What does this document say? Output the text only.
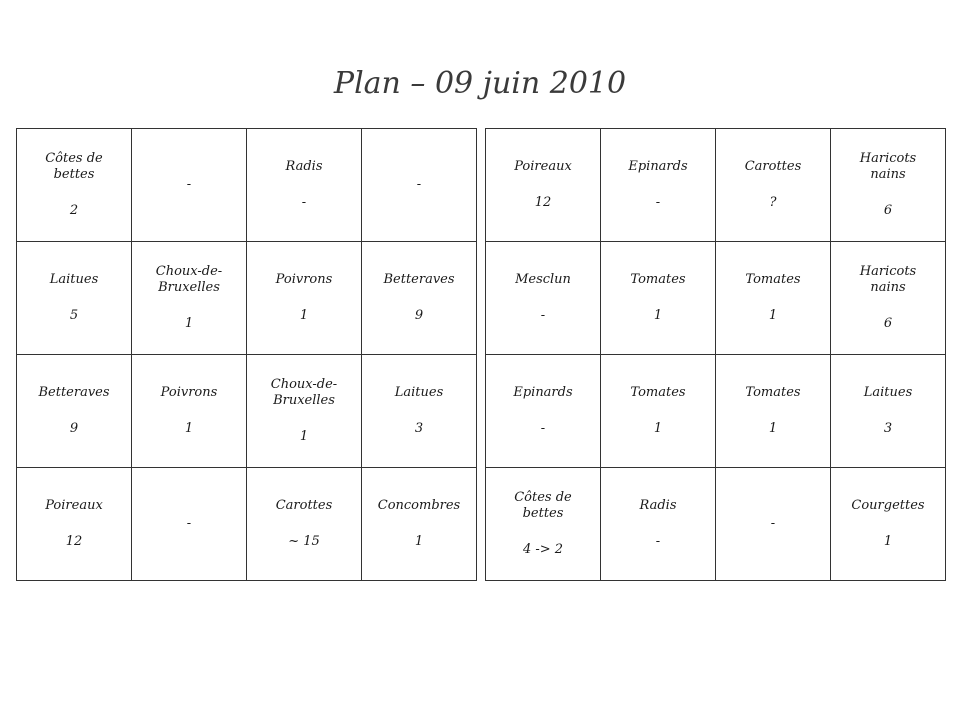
Plan – 09 juin 2010
Côtes de
bettes
2	-	Radis
-	-

Laitues
5	Choux-de-
Bruxelles
1	Poivrons
1	Betteraves
9

Betteraves
9	Poivrons
1	Choux-de-
Bruxelles
1	Laitues
3

Poireaux
12	-	Carottes
~ 15	Concombres
1
Poireaux
12	Epinards
-	Carottes
?	Haricots
nains
6

Mesclun
-	Tomates
1	Tomates
1	Haricots
nains
6

Epinards
-	Tomates
1	Tomates
1	Laitues
3

Côtes de
bettes
4 -> 2	Radis
-	-	Courgettes
1
